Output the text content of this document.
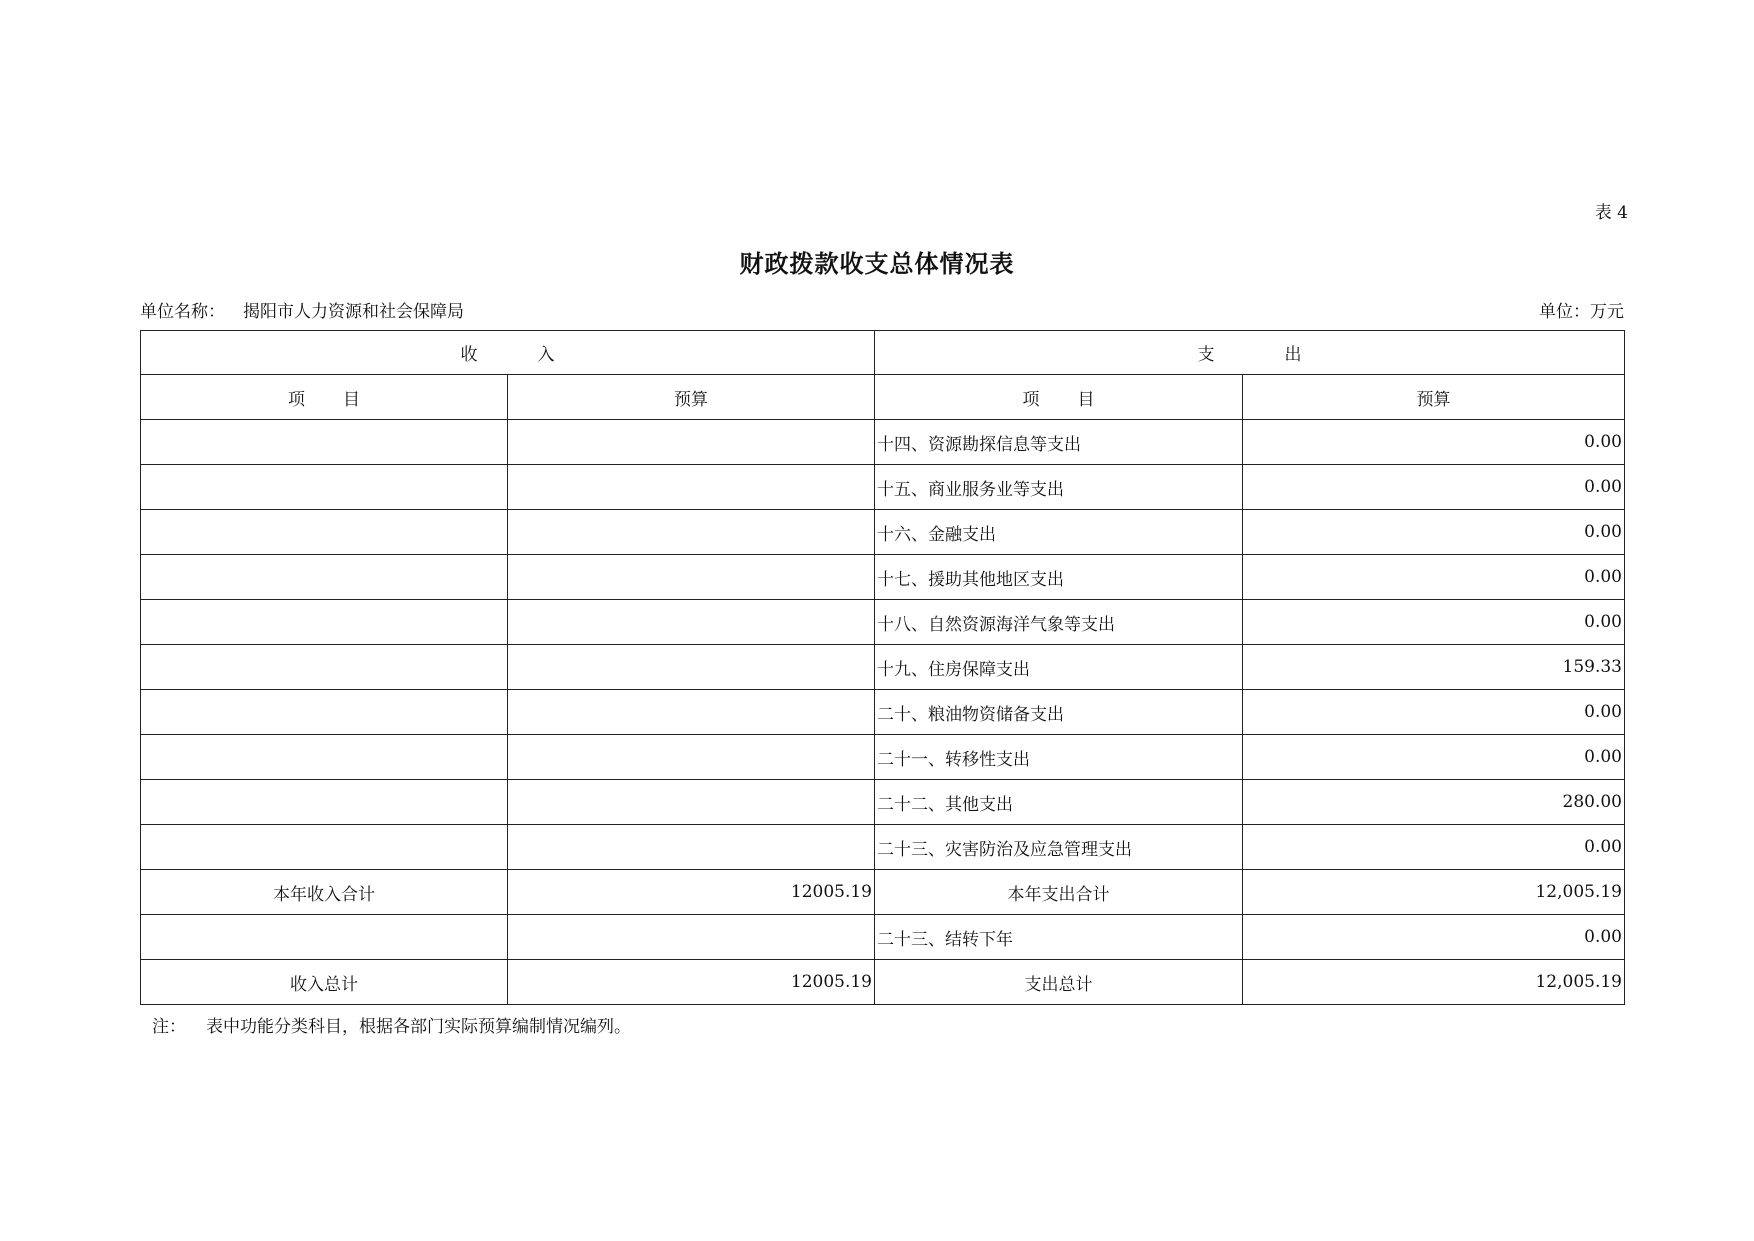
表 4
财政拨款收支总体情况表
单位名称： 揭阳市人力资源和社会保障局	单位：万元
收入		支出	
项目	预算	项目	预算
		十四、资源勘探信息等支出	0.00
		十五、商业服务业等支出	0.00
		十六、金融支出	0.00
		十七、援助其他地区支出	0.00
		十八、自然资源海洋气象等支出	0.00
		十九、住房保障支出	159.33
		二十、粮油物资储备支出	0.00
		二十一、转移性支出	0.00
		二十二、其他支出	280.00
		二十三、灾害防治及应急管理支出	0.00
本年收入合计	12005.19	本年支出合计	12,005.19
		二十三、结转下年	0.00
收入总计	12005.19	支出总计	12,005.19
注： 表中功能分类科目，根据各部门实际预算编制情况编列。
